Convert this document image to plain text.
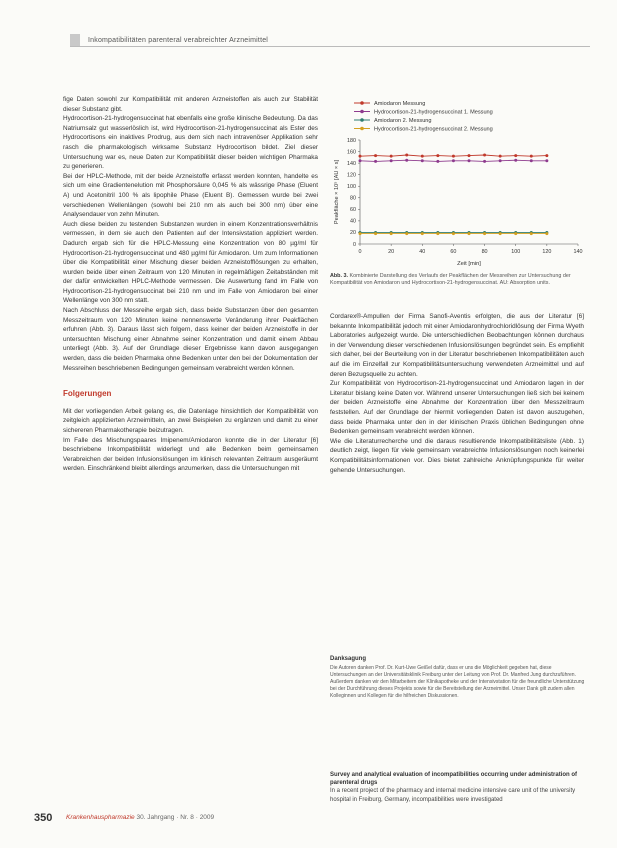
Inkompatibilitäten parenteral verabreichter Arzneimittel

fige Daten sowohl zur Kompatibilität mit anderen Arzneistoffen als auch zur Stabilität dieser Substanz gibt.

Hydrocortison-21-hydrogensuccinat hat ebenfalls eine große klinische Bedeutung. Da das Natriumsalz gut wasserlöslich ist, wird Hydrocortison-21-hydrogensuccinat als Ester des Hydrocortisons ein inaktives Prodrug, aus dem sich nach intravenöser Applikation sehr rasch die pharmakologisch wirksame Substanz Hydrocortison bildet. Ziel dieser Untersuchung war es, neue Daten zur Kompatibilität dieser beiden wichtigen Pharmaka zu generieren.

Bei der HPLC-Methode, mit der beide Arzneistoffe erfasst werden konnten, handelte es sich um eine Gradientenelution mit Phosphorsäure 0,045 % als wässrige Phase (Eluent A) und Acetonitril 100 % als lipophile Phase (Eluent B). Gemessen wurde bei zwei verschiedenen Wellenlängen (sowohl bei 210 nm als auch bei 300 nm) über eine Analysendauer von zehn Minuten.

Auch diese beiden zu testenden Substanzen wurden in einem Konzentrationsverhältnis vermessen, in dem sie auch den Patienten auf der Intensivstation appliziert werden. Dadurch ergab sich für die HPLC-Messung eine Konzentration von 80 µg/ml für Hydrocortison-21-hydrogensuccinat und 480 µg/ml für Amiodaron. Um zum Informationen über die Kompatibilität einer Mischung dieser beiden Arzneistofflösungen zu erhalten, wurden beide über einen Zeitraum von 120 Minuten in regelmäßigen Zeitabständen mit der dafür entwickelten HPLC-Methode vermessen. Die Auswertung fand im Falle von Hydrocortison-21-hydrogensuccinat bei 210 nm und im Falle von Amiodaron bei einer Wellenlänge von 300 nm statt.

Nach Abschluss der Messreihe ergab sich, dass beide Substanzen über den gesamten Messzeitraum von 120 Minuten keine nennenswerte Veränderung ihrer Peakflächen erfuhren (Abb. 3). Daraus lässt sich folgern, dass keiner der beiden Arzneistoffe in der untersuchten Mischung einer Abnahme seiner Konzentration und damit einem Abbau unterliegt (Abb. 3). Auf der Grundlage dieser Ergebnisse kann davon ausgegangen werden, dass die beiden Pharmaka ohne Bedenken unter den bei der Dokumentation der Messreihen beschriebenen Bedingungen gemeinsam verabreicht werden können.

Folgerungen

Mit der vorliegenden Arbeit gelang es, die Datenlage hinsichtlich der Kompatibilität von zeitgleich applizierten Arzneimitteln, an zwei Beispielen zu ergänzen und damit zu einer sichereren Pharmakotherapie beizutragen.

Im Falle des Mischungspaares Imipenem/Amiodaron konnte die in der Literatur [6] beschriebene Inkompatibilität widerlegt und alle Bedenken beim gemeinsamen Verabreichen der beiden Infusionslösungen im klinisch relevanten Zeitraum ausgeräumt werden. Einschränkend bleibt allerdings anzumerken, dass die Untersuchungen mit

Amiodaron Messung
Hydrocortison-21-hydrogensuccinat 1. Messung
Amiodaron 2. Messung
Hydrocortison-21-hydrogensuccinat 2. Messung
0
20
40
60
80
100
120
140
160
180
0	20	40	60	80	100	120	140
Zeit [min]
Peakfläche × 10⁵ [AU × s]
Abb. 3. Kombinierte Darstellung des Verlaufs der Peakflächen der Messreihen zur Untersuchung der Kompatibilität von Amiodaron und Hydrocortison-21-hydrogensuccinat. AU: Absorption units.

Cordarex®-Ampullen der Firma Sanofi-Aventis erfolgten, die aus der Literatur [6] bekannte Inkompatibilität jedoch mit einer Amiodaronhydrochloridlösung der Firma Wyeth Laboratories aufgezeigt wurde. Die unterschiedlichen Beobachtungen können durchaus in der Verwendung dieser verschiedenen Infusionslösungen begründet sein. Es empfiehlt sich daher, bei der Beurteilung von in der Literatur beschriebenen Inkompatibilitäten auch auf die im Einzelfall zur Kompatibilitätsuntersuchung verwendeten Arzneimittel und auf deren Bezugsquelle zu achten.

Zur Kompatibilität von Hydrocortison-21-hydrogensuccinat und Amiodaron lagen in der Literatur bislang keine Daten vor. Während unserer Untersuchungen ließ sich bei keinem der beiden Arzneistoffe eine Abnahme der Konzentration über den Messzeitraum feststellen. Auf der Grundlage der hiermit vorliegenden Daten ist davon auszugehen, dass beide Pharmaka unter den in der klinischen Praxis üblichen Bedingungen ohne Bedenken gemeinsam verabreicht werden können.

Wie die Literaturrecherche und die daraus resultierende Inkompatibilitätsliste (Abb. 1) deutlich zeigt, liegen für viele gemeinsam verabreichte Infusionslösungen noch keinerlei Kompatibilitätsinformationen vor. Dies bietet zahlreiche Anknüpfungspunkte für weiter gehende Untersuchungen.

Danksagung
Die Autoren danken Prof. Dr. Kurt-Uwe Geißel dafür, dass er uns die Möglichkeit gegeben hat, diese Untersuchungen an der Universitätsklinik Freiburg unter der Leitung von Prof. Dr. Manfred Jung durchzuführen. Außerdem danken wir den Mitarbeitern der Klinikapotheke und der Intensivstation für die freundliche Unterstützung bei der Durchführung dieses Projekts sowie für die Bereitstellung der Arzneimittel. Unser Dank gilt zudem allen Kolleginnen und Kollegen für die hilfreichen Diskussionen.
Survey and analytical evaluation of incompatibilities occurring under administration of parenteral drugs
In a recent project of the pharmacy and internal medicine intensive care unit of the university hospital in Freiburg, Germany, incompatibilities were investigated
350 Krankenhauspharmazie 30. Jahrgang · Nr. 8 · 2009
